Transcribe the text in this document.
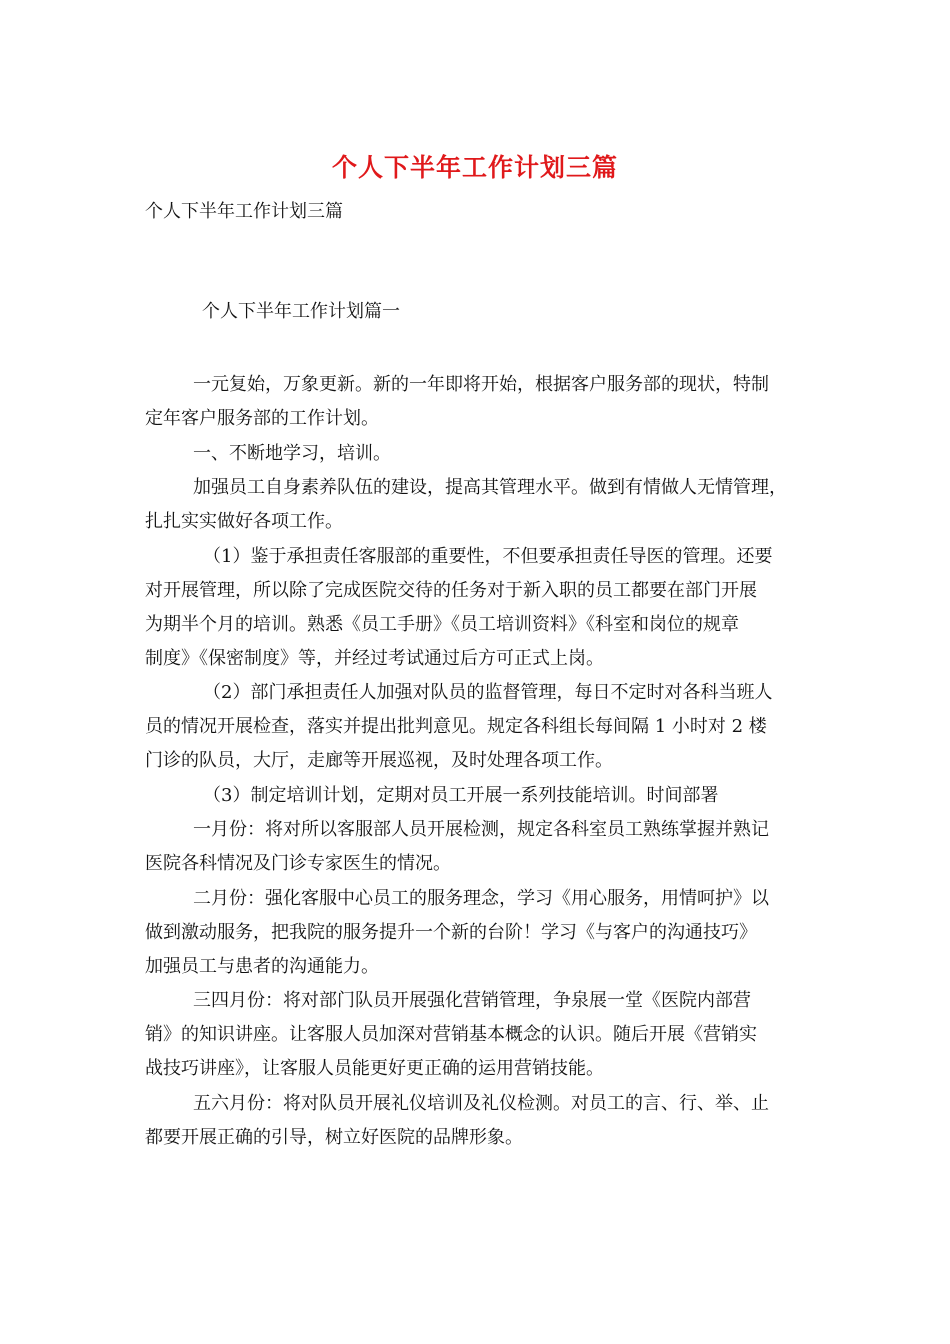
个人下半年工作计划三篇
个人下半年工作计划三篇
个人下半年工作计划篇一
一元复始，万象更新。新的一年即将开始，根据客户服务部的现状，特制
定年客户服务部的工作计划。
一、不断地学习，培训。
加强员工自身素养队伍的建设，提高其管理水平。做到有情做人无情管理，
扎扎实实做好各项工作。
（1）鉴于承担责任客服部的重要性，不但要承担责任导医的管理。还要
对开展管理，所以除了完成医院交待的任务对于新入职的员工都要在部门开展
为期半个月的培训。熟悉《员工手册》《员工培训资料》《科室和岗位的规章
制度》《保密制度》等，并经过考试通过后方可正式上岗。
（2）部门承担责任人加强对队员的监督管理，每日不定时对各科当班人
员的情况开展检查，落实并提出批判意见。规定各科组长每间隔 1 小时对 2 楼
门诊的队员，大厅，走廊等开展巡视，及时处理各项工作。
（3）制定培训计划，定期对员工开展一系列技能培训。时间部署
一月份：将对所以客服部人员开展检测，规定各科室员工熟练掌握并熟记
医院各科情况及门诊专家医生的情况。
二月份：强化客服中心员工的服务理念，学习《用心服务，用情呵护》以
做到激动服务，把我院的服务提升一个新的台阶！学习《与客户的沟通技巧》
加强员工与患者的沟通能力。
三四月份：将对部门队员开展强化营销管理，争泉展一堂《医院内部营
销》的知识讲座。让客服人员加深对营销基本概念的认识。随后开展《营销实
战技巧讲座》，让客服人员能更好更正确的运用营销技能。
五六月份：将对队员开展礼仪培训及礼仪检测。对员工的言、行、举、止
都要开展正确的引导，树立好医院的品牌形象。
